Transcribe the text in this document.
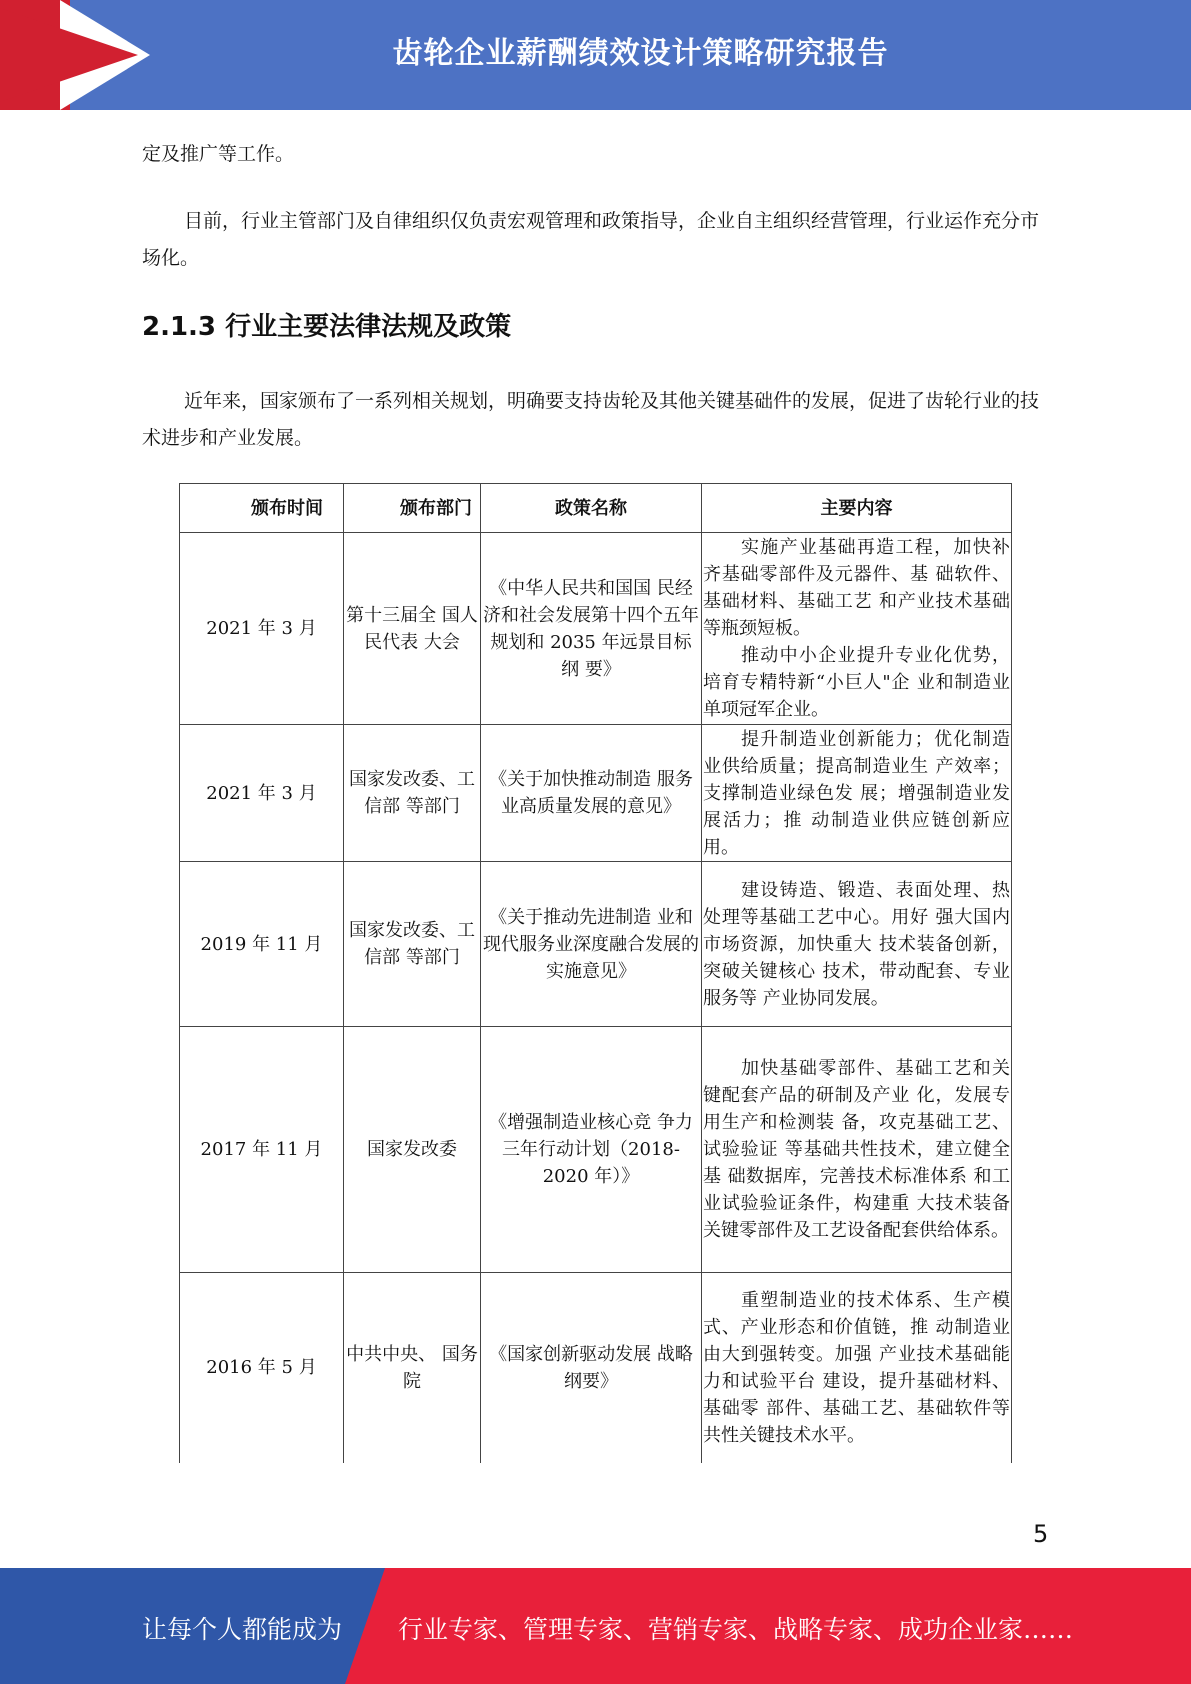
齿轮企业薪酬绩效设计策略研究报告

定及推广等工作。

目前，行业主管部门及自律组织仅负责宏观管理和政策指导，企业自主组织经营管理，行业运作充分市场化。

2.1.3 行业主要法律法规及政策

近年来，国家颁布了一系列相关规划，明确要支持齿轮及其他关键基础件的发展，促进了齿轮行业的技术进步和产业发展。

颁布时间	颁布部门	政策名称	主要内容
2021 年 3 月	第十三届全 国人民代表 大会	《中华人民共和国国 民经济和社会发展第十四个五年规划和 2035 年远景目标纲 要》	实施产业基础再造工程，加快补齐基础零部件及元器件、基 础软件、基础材料、基础工艺 和产业技术基础等瓶颈短板。
推动中小企业提升专业化优势，培育专精特新“小巨人"企 业和制造业单项冠军企业。

2021 年 3 月	国家发改委、工信部 等部门	《关于加快推动制造 服务业高质量发展的意见》	提升制造业创新能力；优化制造业供给质量；提高制造业生 产效率；支撑制造业绿色发 展；增强制造业发展活力；推 动制造业供应链创新应用。

2019 年 11 月	国家发改委、工信部 等部门	《关于推动先进制造 业和现代服务业深度融合发展的实施意见》	建设铸造、锻造、表面处理、热处理等基础工艺中心。用好 强大国内市场资源，加快重大 技术装备创新，突破关键核心 技术，带动配套、专业服务等 产业协同发展。

2017 年 11 月	国家发改委	《增强制造业核心竞 争力三年行动计划（2018-2020 年）》	加快基础零部件、基础工艺和关键配套产品的研制及产业 化，发展专用生产和检测装 备，攻克基础工艺、试验验证 等基础共性技术，建立健全基 础数据库，完善技术标准体系 和工业试验验证条件，构建重 大技术装备关键零部件及工艺设备配套供给体系。

2016 年 5 月	中共中央、 国务院	《国家创新驱动发展 战略纲要》	重塑制造业的技术体系、生产模式、产业形态和价值链，推 动制造业由大到强转变。加强 产业技术基础能力和试验平台 建设，提升基础材料、基础零 部件、基础工艺、基础软件等 共性关键技术水平。
5
让每个人都能成为 行业专家、管理专家、营销专家、战略专家、成功企业家……
